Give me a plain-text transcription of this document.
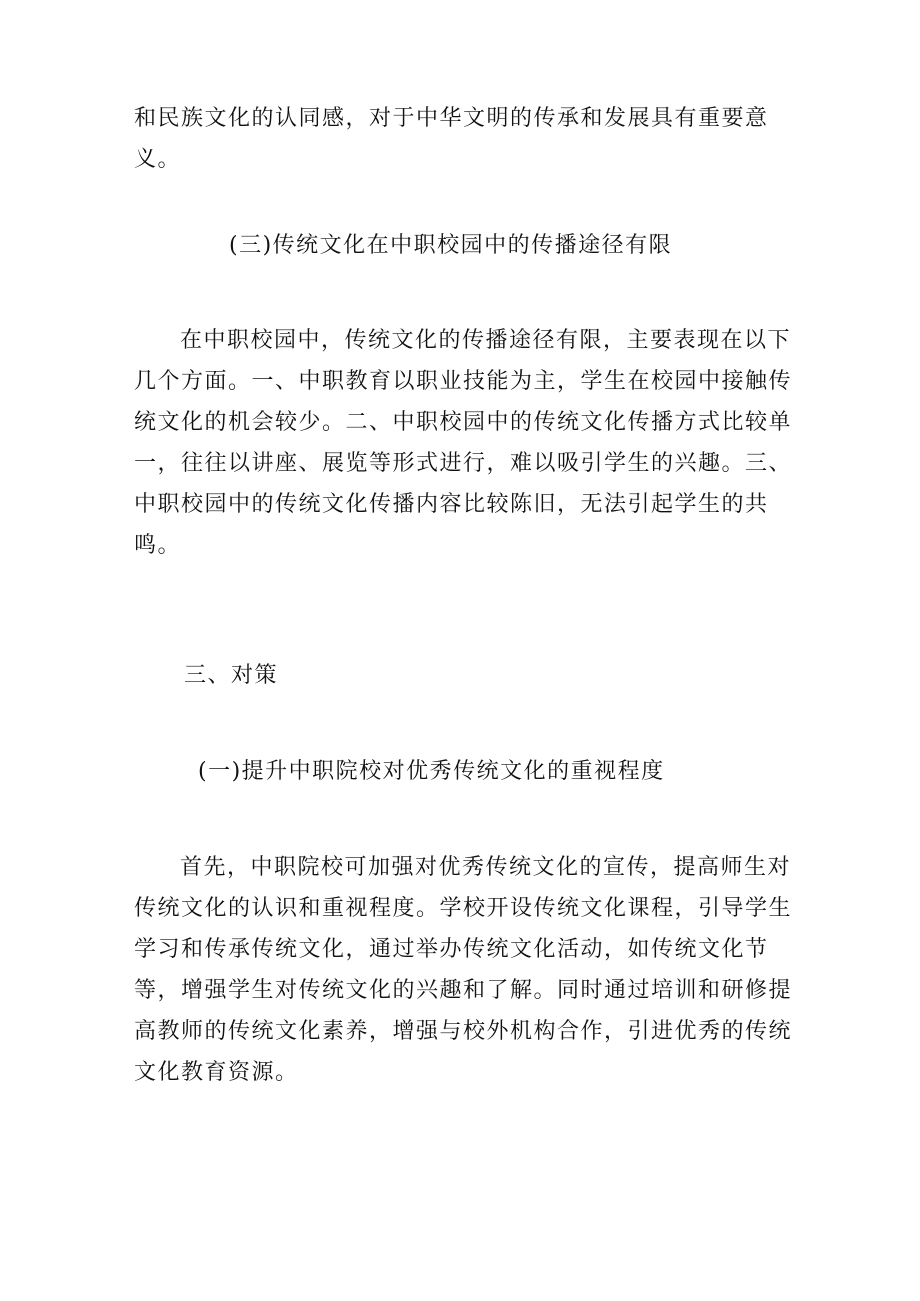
和民族文化的认同感，对于中华文明的传承和发展具有重要意义。

(三)传统文化在中职校园中的传播途径有限

在中职校园中，传统文化的传播途径有限，主要表现在以下几个方面。一、中职教育以职业技能为主，学生在校园中接触传统文化的机会较少。二、中职校园中的传统文化传播方式比较单一，往往以讲座、展览等形式进行，难以吸引学生的兴趣。三、中职校园中的传统文化传播内容比较陈旧，无法引起学生的共鸣。

三、对策

(一)提升中职院校对优秀传统文化的重视程度

首先，中职院校可加强对优秀传统文化的宣传，提高师生对传统文化的认识和重视程度。学校开设传统文化课程，引导学生学习和传承传统文化，通过举办传统文化活动，如传统文化节等，增强学生对传统文化的兴趣和了解。同时通过培训和研修提高教师的传统文化素养，增强与校外机构合作，引进优秀的传统文化教育资源。
